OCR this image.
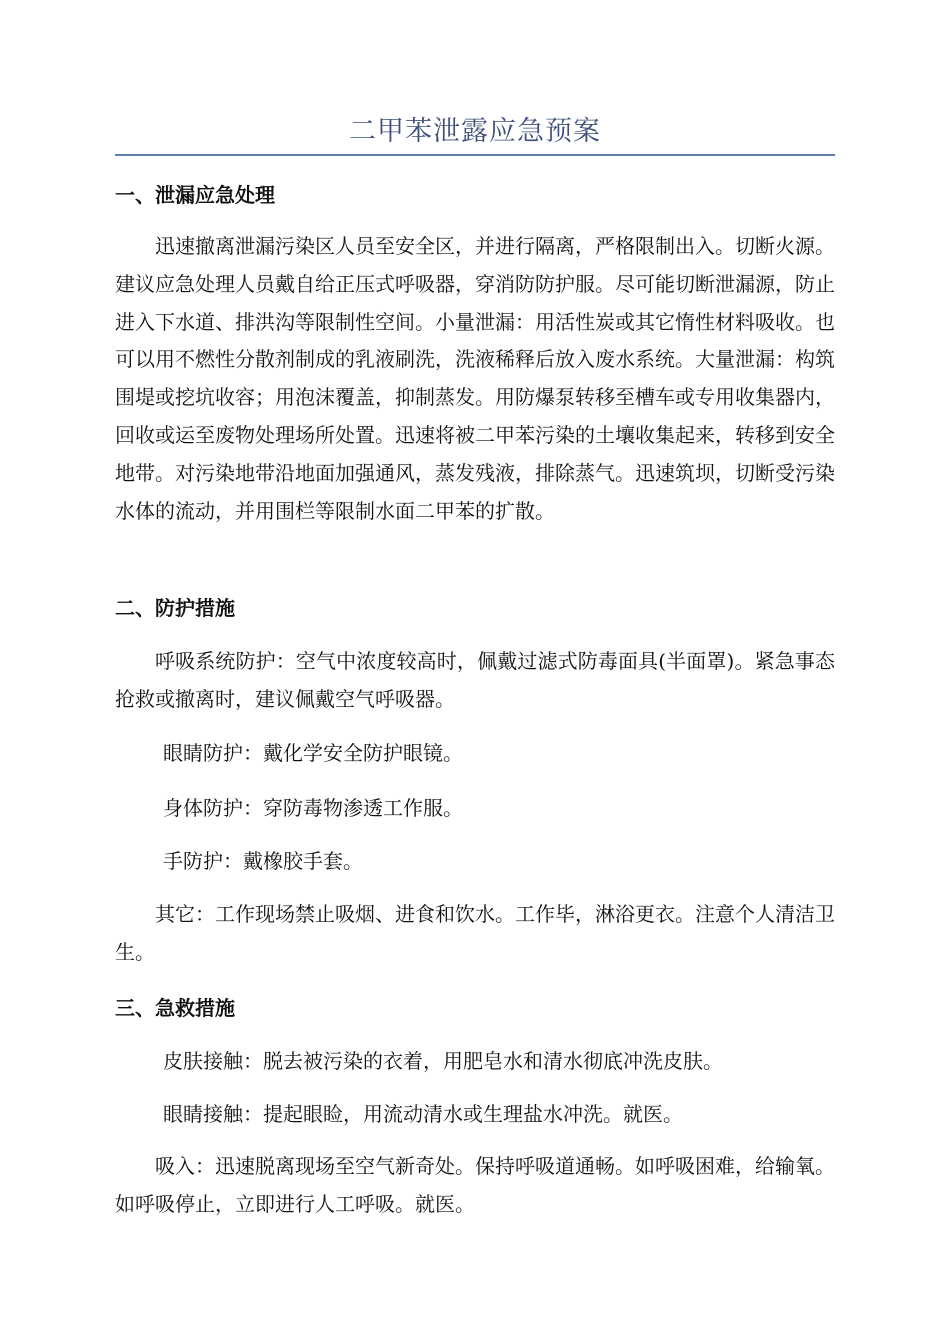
二甲苯泄露应急预案
一、泄漏应急处理
迅速撤离泄漏污染区人员至安全区，并进行隔离，严格限制出入。切断火源。建议应急处理人员戴自给正压式呼吸器，穿消防防护服。尽可能切断泄漏源，防止进入下水道、排洪沟等限制性空间。小量泄漏：用活性炭或其它惰性材料吸收。也可以用不燃性分散剂制成的乳液刷洗，洗液稀释后放入废水系统。大量泄漏：构筑围堤或挖坑收容；用泡沫覆盖，抑制蒸发。用防爆泵转移至槽车或专用收集器内，回收或运至废物处理场所处置。迅速将被二甲苯污染的土壤收集起来，转移到安全地带。对污染地带沿地面加强通风，蒸发残液，排除蒸气。迅速筑坝，切断受污染水体的流动，并用围栏等限制水面二甲苯的扩散。
二、防护措施
呼吸系统防护：空气中浓度较高时，佩戴过滤式防毒面具(半面罩)。紧急事态抢救或撤离时，建议佩戴空气呼吸器。
眼睛防护：戴化学安全防护眼镜。
身体防护：穿防毒物渗透工作服。
手防护：戴橡胶手套。
其它：工作现场禁止吸烟、进食和饮水。工作毕，淋浴更衣。注意个人清洁卫生。
三、急救措施
皮肤接触：脱去被污染的衣着，用肥皂水和清水彻底冲洗皮肤。
眼睛接触：提起眼睑，用流动清水或生理盐水冲洗。就医。
吸入：迅速脱离现场至空气新奇处。保持呼吸道通畅。如呼吸困难，给输氧。如呼吸停止，立即进行人工呼吸。就医。
